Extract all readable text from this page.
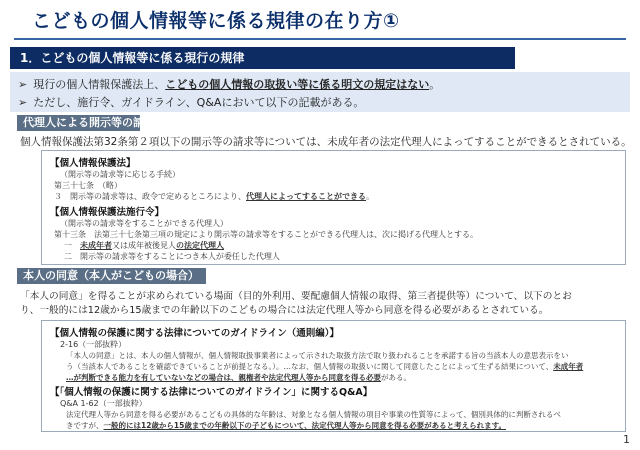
こどもの個人情報等に係る規律の在り方①
1．こどもの個人情報等に係る現行の規律
➢ 現行の個人情報保護法上、こどもの個人情報の取扱い等に係る明文の規定はない。
➢ ただし、施行令、ガイドライン、Q&Aにおいて以下の記載がある。
代理人による開示等の請求等
個人情報保護法第32条第２項以下の開示等の請求等については、未成年者の法定代理人によってすることができるとされている。
【個人情報保護法】
（開示等の請求等に応じる手続）
第三十七条　（略）
３　開示等の請求等は、政令で定めるところにより、代理人によってすることができる。
【個人情報保護法施行令】
（開示等の請求等をすることができる代理人）
第十三条　法第三十七条第三項の規定により開示等の請求等をすることができる代理人は、次に掲げる代理人とする。
一　未成年者又は成年被後見人の法定代理人
二　開示等の請求等をすることにつき本人が委任した代理人
本人の同意（本人がこどもの場合）
「本人の同意」を得ることが求められている場面（目的外利用、要配慮個人情報の取得、第三者提供等）について、以下のとお
り、一般的には12歳から15歳までの年齢以下のこどもの場合には法定代理人等から同意を得る必要があるとされている。
【個人情報の保護に関する法律についてのガイドライン（通則編）】
2-16（一部抜粋）
「本人の同意」とは、本人の個人情報が、個人情報取扱事業者によって示された取扱方法で取り扱われることを承諾する旨の当該本人の意思表示をい
う（当該本人であることを確認できていることが前提となる。）。…なお、個人情報の取扱いに関して同意したことによって生ずる結果について、未成年者
…が判断できる能力を有していないなどの場合は、親権者や法定代理人等から同意を得る必要がある。
【「個人情報の保護に関する法律についてのガイドライン」に関するQ&A】
Q&A 1-62（一部抜粋）
法定代理人等から同意を得る必要があるこどもの具体的な年齢は、対象となる個人情報の項目や事業の性質等によって、個別具体的に判断されるべ
きですが、一般的には12歳から15歳までの年齢以下の子どもについて、法定代理人等から同意を得る必要があると考えられます。
1
